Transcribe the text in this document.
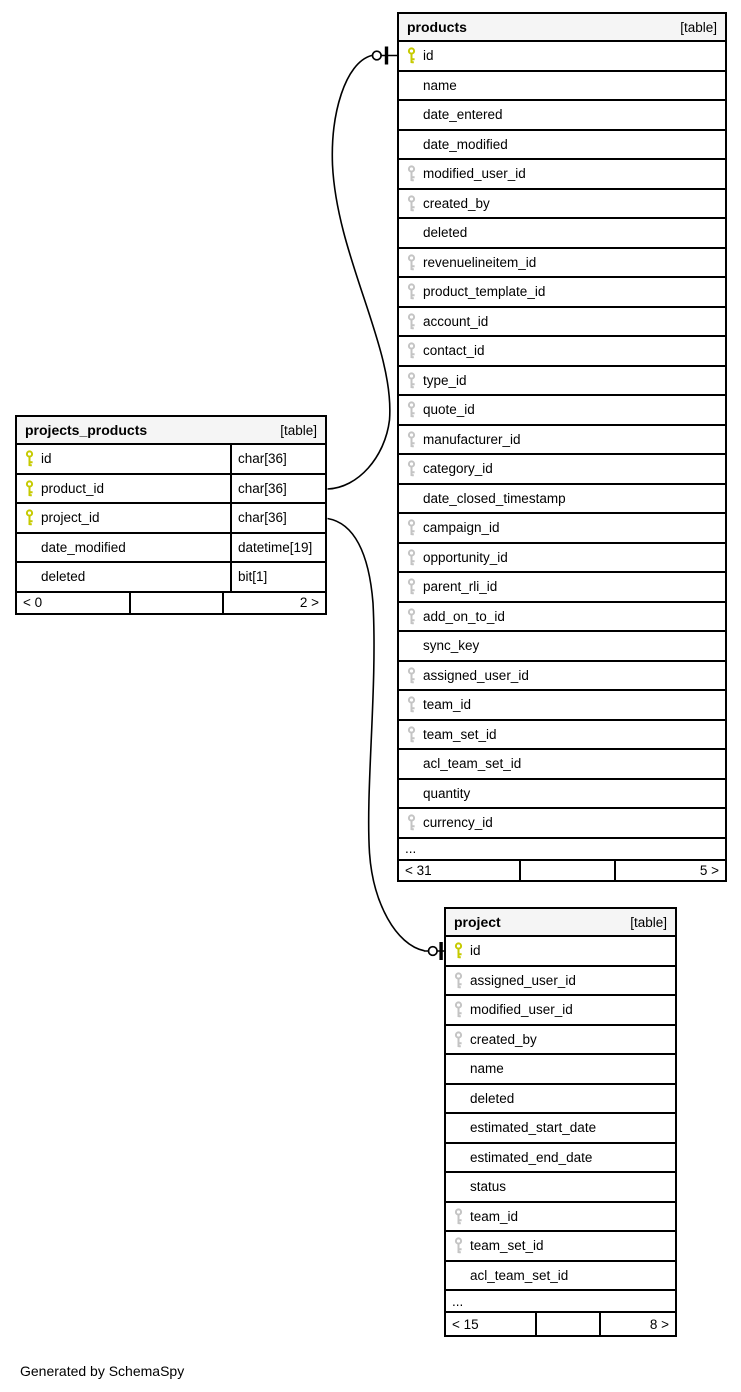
projects_products	[table]
id	char[36]
product_id	char[36]
project_id	char[36]
date_modified	datetime[19]
deleted	bit[1]
< 0	2 >
products	[table]
id
name
date_entered
date_modified
modified_user_id
created_by
deleted
revenuelineitem_id
product_template_id
account_id
contact_id
type_id
quote_id
manufacturer_id
category_id
date_closed_timestamp
campaign_id
opportunity_id
parent_rli_id
add_on_to_id
sync_key
assigned_user_id
team_id
team_set_id
acl_team_set_id
quantity
currency_id
...
< 31	5 >
project	[table]
id
assigned_user_id
modified_user_id
created_by
name
deleted
estimated_start_date
estimated_end_date
status
team_id
team_set_id
acl_team_set_id
...
< 15	8 >
Generated by SchemaSpy
